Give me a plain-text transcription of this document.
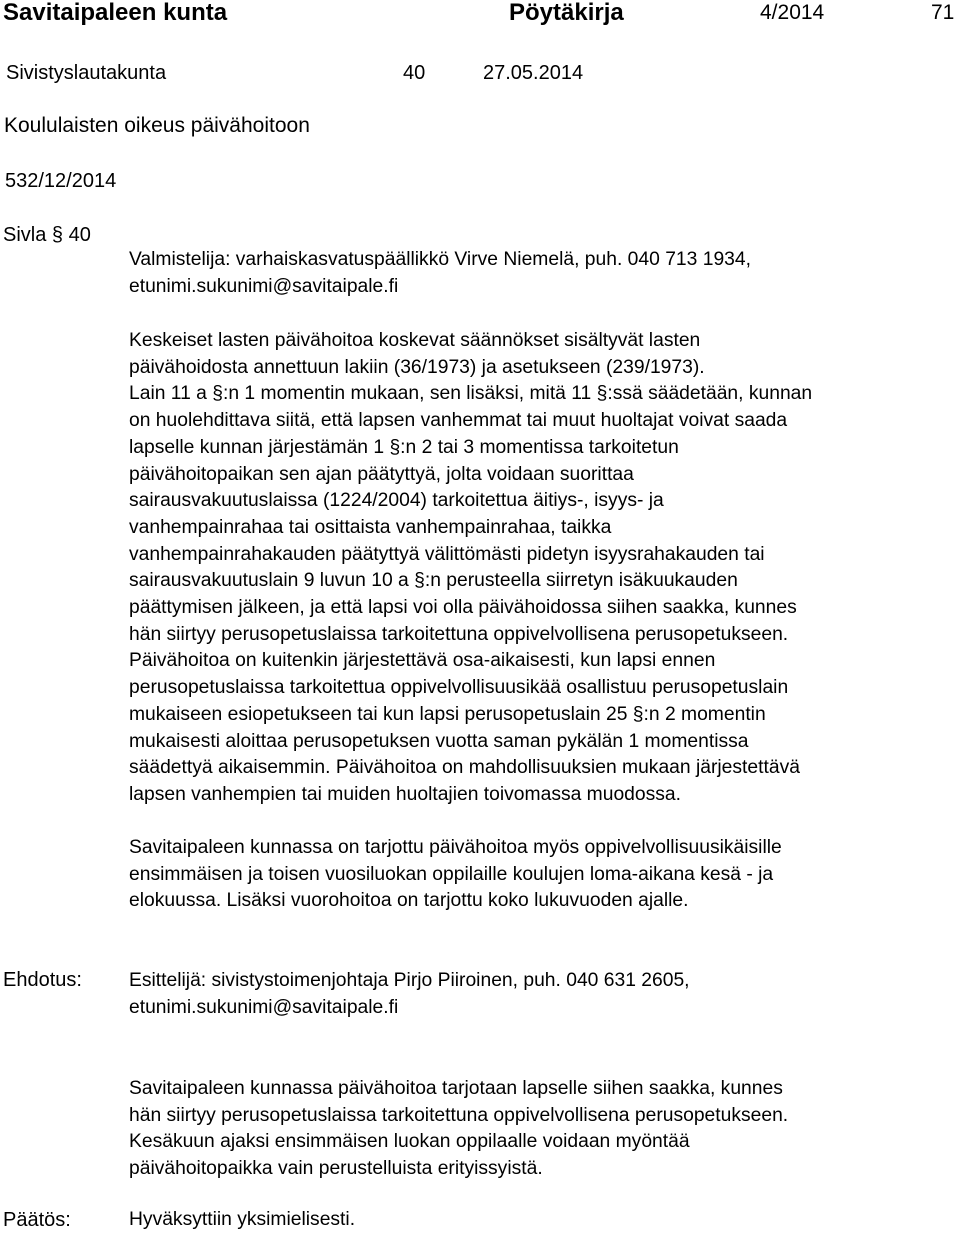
Savitaipaleen kunta	Pöytäkirja	4/2014	71
Sivistyslautakunta	40	27.05.2014
Koululaisten oikeus päivähoitoon
532/12/2014
Sivla § 40
Valmistelija: varhaiskasvatuspäällikkö Virve Niemelä, puh. 040 713 1934,
etunimi.sukunimi@savitaipale.fi
Keskeiset lasten päivähoitoa koskevat säännökset sisältyvät lasten
päivähoidosta annettuun lakiin (36/1973) ja asetukseen (239/1973).
Lain 11 a §:n 1 momentin mukaan, sen lisäksi, mitä 11 §:ssä säädetään, kunnan
on huolehdittava siitä, että lapsen vanhemmat tai muut huoltajat voivat saada
lapselle kunnan järjestämän 1 §:n 2 tai 3 momentissa tarkoitetun
päivähoitopaikan sen ajan päätyttyä, jolta voidaan suorittaa
sairausvakuutuslaissa (1224/2004) tarkoitettua äitiys-, isyys- ja
vanhempainrahaa tai osittaista vanhempainrahaa, taikka
vanhempainrahakauden päätyttyä välittömästi pidetyn isyysrahakauden tai
sairausvakuutuslain 9 luvun 10 a §:n perusteella siirretyn isäkuukauden
päättymisen jälkeen, ja että lapsi voi olla päivähoidossa siihen saakka, kunnes
hän siirtyy perusopetuslaissa tarkoitettuna oppivelvollisena perusopetukseen.
Päivähoitoa on kuitenkin järjestettävä osa-aikaisesti, kun lapsi ennen
perusopetuslaissa tarkoitettua oppivelvollisuusikää osallistuu perusopetuslain
mukaiseen esiopetukseen tai kun lapsi perusopetuslain 25 §:n 2 momentin
mukaisesti aloittaa perusopetuksen vuotta saman pykälän 1 momentissa
säädettyä aikaisemmin. Päivähoitoa on mahdollisuuksien mukaan järjestettävä
lapsen vanhempien tai muiden huoltajien toivomassa muodossa.
Savitaipaleen kunnassa on tarjottu päivähoitoa myös oppivelvollisuusikäisille
ensimmäisen ja toisen vuosiluokan oppilaille koulujen loma-aikana kesä - ja
elokuussa. Lisäksi vuorohoitoa on tarjottu koko lukuvuoden ajalle.
Ehdotus: Esittelijä: sivistystoimenjohtaja Pirjo Piiroinen, puh. 040 631 2605,
etunimi.sukunimi@savitaipale.fi
Savitaipaleen kunnassa päivähoitoa tarjotaan lapselle siihen saakka, kunnes
hän siirtyy perusopetuslaissa tarkoitettuna oppivelvollisena perusopetukseen.
Kesäkuun ajaksi ensimmäisen luokan oppilaalle voidaan myöntää
päivähoitopaikka vain perustelluista erityissyistä.
Päätös:	Hyväksyttiin yksimielisesti.
